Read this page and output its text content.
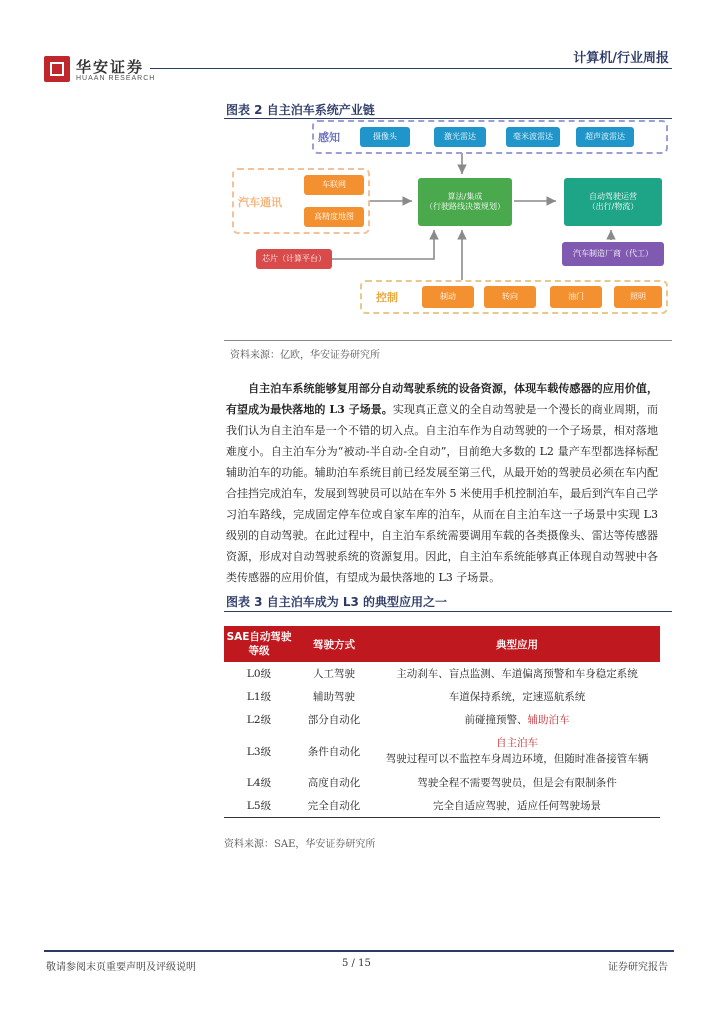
华安证券
HUAAN RESEARCH
计算机/行业周报
图表 2 自主泊车系统产业链
感知	摄像头	激光雷达	毫米波雷达	超声波雷达
汽车通讯
车联网
高精度地图
算法/集成
（行驶路线决策规划）
自动驾驶运营
（出行/物流）
芯片（计算平台）
汽车制造厂商（代工）
控制	制动	转向	油门	照明
资料来源：亿欧，华安证券研究所
自主泊车系统能够复用部分自动驾驶系统的设备资源，体现车载传感器的应用价值，有望成为最快落地的 L3 子场景。实现真正意义的全自动驾驶是一个漫长的商业周期，而我们认为自主泊车是一个不错的切入点。自主泊车作为自动驾驶的一个子场景，相对落地难度小。自主泊车分为“被动-半自动-全自动”，目前绝大多数的 L2 量产车型都选择标配辅助泊车的功能。辅助泊车系统目前已经发展至第三代，从最开始的驾驶员必须在车内配合挂挡完成泊车，发展到驾驶员可以站在车外 5 米使用手机控制泊车，最后到汽车自己学习泊车路线，完成固定停车位或自家车库的泊车，从而在自主泊车这一子场景中实现 L3 级别的自动驾驶。在此过程中，自主泊车系统需要调用车载的各类摄像头、雷达等传感器资源，形成对自动驾驶系统的资源复用。因此，自主泊车系统能够真正体现自动驾驶中各类传感器的应用价值，有望成为最快落地的 L3 子场景。
图表 3 自主泊车成为 L3 的典型应用之一
SAE自动驾驶等级	驾驶方式	典型应用
L0级	人工驾驶	主动刹车、盲点监测、车道偏离预警和车身稳定系统
L1级	辅助驾驶	车道保持系统，定速巡航系统
L2级	部分自动化	前碰撞预警、辅助泊车
L3级	条件自动化	自主泊车
驾驶过程可以不监控车身周边环境，但随时准备接管车辆

L4级	高度自动化	驾驶全程不需要驾驶员，但是会有限制条件
L5级	完全自动化	完全自适应驾驶，适应任何驾驶场景
资料来源：SAE，华安证券研究所
敬请参阅末页重要声明及评级说明	5 / 15	证券研究报告
